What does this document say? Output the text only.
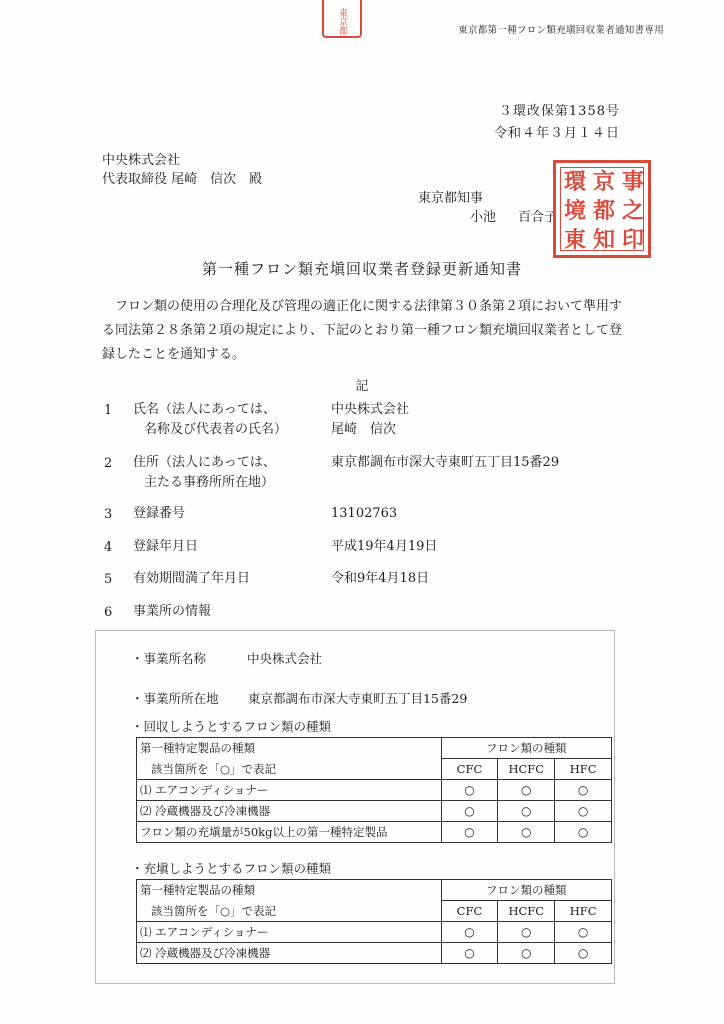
東京都第一種フロン類充塡回収業者通知書専用
東京都
３環改保第1358号
令和４年３月１４日
中央株式会社
代表取締役 尾崎　信次　殿
東京都知事
小池 百合子
環
境
東
京
都
知
事
之
印
第一種フロン類充塡回収業者登録更新通知書
フロン類の使用の合理化及び管理の適正化に関する法律第３０条第２項において準用する同法第２８条第２項の規定により、下記のとおり第一種フロン類充塡回収業者として登録したことを通知する。
記
1 氏名（法人にあっては、
名称及び代表者の氏名）
中央株式会社
尾崎　信次
2 住所（法人にあっては、
主たる事務所所在地）
東京都調布市深大寺東町五丁目15番29
3 登録番号	13102763
4 登録年月日	平成19年4月19日
5 有効期間満了年月日	令和9年4月18日
6 事業所の情報
・事業所名称	中央株式会社
・事業所所在地 東京都調布市深大寺東町五丁目15番29
・回収しようとするフロン類の種類
第一種特定製品の種類	フロン類の種類		
該当箇所を「○」で表記	CFC	HCFC	HFC
⑴ エアコンディショナー	○	○	○
⑵ 冷蔵機器及び冷凍機器	○	○	○
フロン類の充塡量が50kg以上の第一種特定製品	○	○	○
・充塡しようとするフロン類の種類
第一種特定製品の種類	フロン類の種類		
該当箇所を「○」で表記	CFC	HCFC	HFC
⑴ エアコンディショナー	○	○	○
⑵ 冷蔵機器及び冷凍機器	○	○	○
